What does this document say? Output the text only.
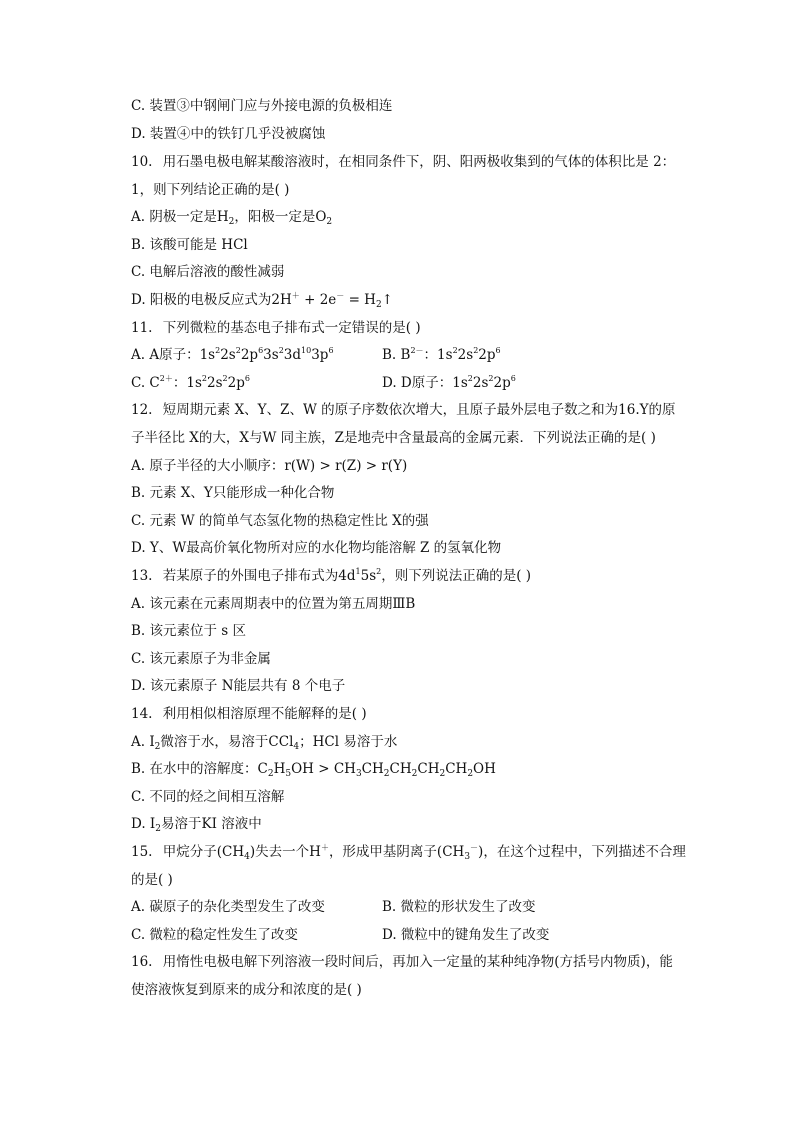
C. 装置③中钢闸门应与外接电源的负极相连
D. 装置④中的铁钉几乎没被腐蚀
10. 用石墨电极电解某酸溶液时，在相同条件下，阴、阳两极收集到的气体的体积比是 2：
1，则下列结论正确的是( )
A. 阴极一定是$H_2$，阳极一定是$O_2$
B. 该酸可能是 HCl
C. 电解后溶液的酸性减弱
D. 阳极的电极反应式为$2H^+ + 2e^- = H_2↑$
11. 下列微粒的基态电子排布式一定错误的是( )
A. A原子：$1s^22s^22p^63s^23d^{10}3p^6$	B. $B^{2-}$：$1s^22s^22p^6$
C. $C^{2+}$：$1s^22s^22p^6$	D. D原子：$1s^22s^22p^6$
12. 短周期元素 X、Y、Z、W 的原子序数依次增大，且原子最外层电子数之和为16.Y的原
子半径比 X的大，X与W 同主族，Z是地壳中含量最高的金属元素．下列说法正确的是( )
A. 原子半径的大小顺序：r(W) > r(Z) > r(Y)
B. 元素 X、Y只能形成一种化合物
C. 元素 W 的简单气态氢化物的热稳定性比 X的强
D. Y、W最高价氧化物所对应的水化物均能溶解 Z 的氢氧化物
13. 若某原子的外围电子排布式为$4d^15s^2$，则下列说法正确的是( )
A. 该元素在元素周期表中的位置为第五周期ⅢB
B. 该元素位于 s 区
C. 该元素原子为非金属
D. 该元素原子 N能层共有 8 个电子
14. 利用相似相溶原理不能解释的是( )
A. $I_2$微溶于水，易溶于CCl$_4$；HCl 易溶于水
B. 在水中的溶解度：$C_2H_5OH > CH_3CH_2CH_2CH_2CH_2OH$
C. 不同的烃之间相互溶解
D. $I_2$易溶于KI 溶液中
15. 甲烷分子$(CH_4)$失去一个H＋，形成甲基阴离子$(CH_3^-)$，在这个过程中，下列描述不合理
的是( )
A. 碳原子的杂化类型发生了改变	B. 微粒的形状发生了改变
C. 微粒的稳定性发生了改变	D. 微粒中的键角发生了改变
16. 用惰性电极电解下列溶液一段时间后，再加入一定量的某种纯净物(方括号内物质)，能
使溶液恢复到原来的成分和浓度的是( )
